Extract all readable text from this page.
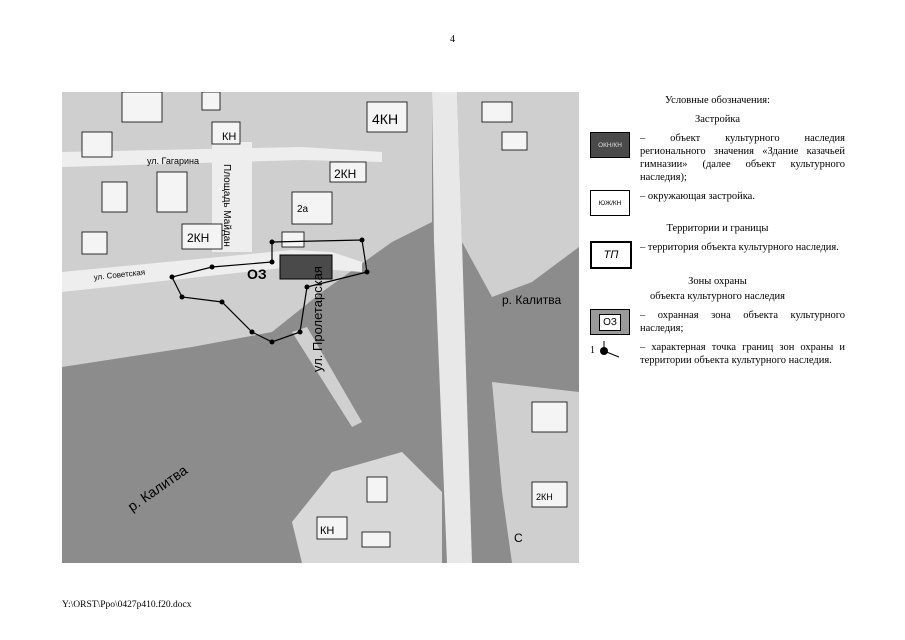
4
ул. Гагарина
ул. Советская
Площадь Майдан
ул. Пролетарская	р. Калитва
р. Калитва
ОЗ
КН
4КН
2КН
2КН
2а
КН
2КН
С
Условные обозначения:
Застройка
ОКН/КН
– объект культурного наследия регионального значения «Здание казачьей гимназии» (далее объект культурного наследия);
ЮЖ/КН
– окружающая застройка.
Территории и границы
ТП
– территория объекта культурного наследия.
Зоны охраны
объекта культурного наследия
ОЗ
– охранная зона объекта культурного наследия;
1	– характерная точка границ зон охраны и территории объекта культурного наследия.
Y:\ORST\Ppo\0427p410.f20.docx
